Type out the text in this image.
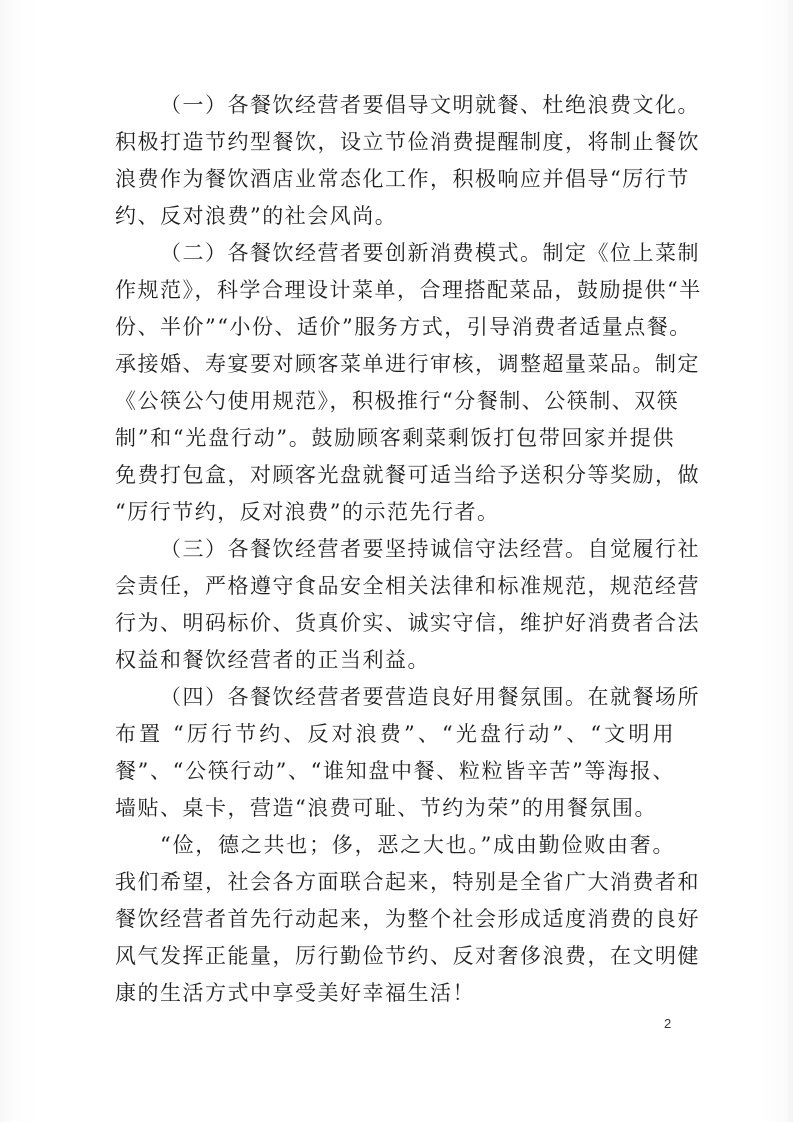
（一）各餐饮经营者要倡导文明就餐、杜绝浪费文化。
积极打造节约型餐饮，设立节俭消费提醒制度，将制止餐饮
浪费作为餐饮酒店业常态化工作，积极响应并倡导“厉行节
约、反对浪费”的社会风尚。
（二）各餐饮经营者要创新消费模式。制定《位上菜制
作规范》，科学合理设计菜单，合理搭配菜品，鼓励提供“半
份、半价”“小份、适价”服务方式，引导消费者适量点餐。
承接婚、寿宴要对顾客菜单进行审核，调整超量菜品。制定
《公筷公勺使用规范》，积极推行“分餐制、公筷制、双筷
制”和“光盘行动”。鼓励顾客剩菜剩饭打包带回家并提供
免费打包盒，对顾客光盘就餐可适当给予送积分等奖励，做
“厉行节约，反对浪费”的示范先行者。
（三）各餐饮经营者要坚持诚信守法经营。自觉履行社
会责任，严格遵守食品安全相关法律和标准规范，规范经营
行为、明码标价、货真价实、诚实守信，维护好消费者合法
权益和餐饮经营者的正当利益。
（四）各餐饮经营者要营造良好用餐氛围。在就餐场所
布置 “厉行节约、反对浪费”、“光盘行动”、“文明用
餐”、“公筷行动”、“谁知盘中餐、粒粒皆辛苦”等海报、
墙贴、桌卡，营造“浪费可耻、节约为荣”的用餐氛围。
“俭，德之共也；侈，恶之大也。”成由勤俭败由奢。
我们希望，社会各方面联合起来，特别是全省广大消费者和
餐饮经营者首先行动起来，为整个社会形成适度消费的良好
风气发挥正能量，厉行勤俭节约、反对奢侈浪费，在文明健
康的生活方式中享受美好幸福生活！
2
